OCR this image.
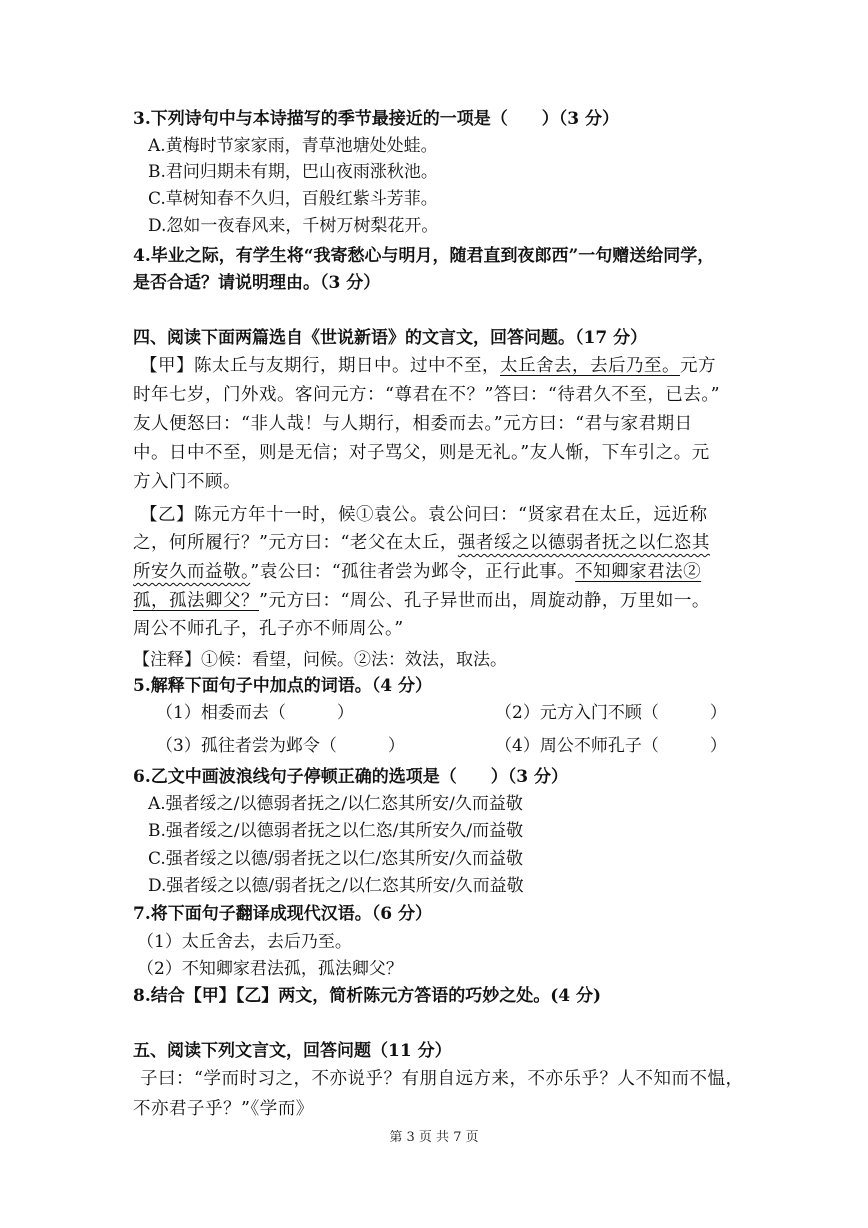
3.下列诗句中与本诗描写的季节最接近的一项是（　　）（3 分）
A.黄梅时节家家雨，青草池塘处处蛙。
B.君问归期未有期，巴山夜雨涨秋池。
C.草树知春不久归，百般红紫斗芳菲。
D.忽如一夜春风来，千树万树梨花开。
4.毕业之际，有学生将“我寄愁心与明月，随君直到夜郎西”一句赠送给同学，
是否合适？请说明理由。（3 分）
四、阅读下面两篇选自《世说新语》的文言文，回答问题。（17 分）
【甲】陈太丘与友期行，期日中。过中不至，太丘舍去，去后乃至。元方
时年七岁，门外戏。客问元方：“尊君在不？”答曰：“待君久不至，已去。”
友人便怒曰：“非人哉！与人期行，相委而去。”元方曰：“君与家君期日
中。日中不至，则是无信；对子骂父，则是无礼。”友人惭，下车引之。元
方入门不顾。
【乙】陈元方年十一时，候①袁公。袁公问曰：“贤家君在太丘，远近称
之，何所履行？”元方曰：“老父在太丘，强者绥之以德弱者抚之以仁恣其
所安久而益敬。”袁公曰：“孤往者尝为邺令，正行此事。不知卿家君法②
孤，孤法卿父？”元方曰：“周公、孔子异世而出，周旋动静，万里如一。
周公不师孔子，孔子亦不师周公。”
【注释】①候：看望，问候。②法：效法，取法。
5.解释下面句子中加点的词语。（4 分）
（1）相委而去（　　　）	（2）元方入门不顾（　　　）
（3）孤往者尝为邺令（　　　）	（4）周公不师孔子（　　　）
6.乙文中画波浪线句子停顿正确的选项是（　　）（3 分）
A.强者绥之/以德弱者抚之/以仁恣其所安/久而益敬
B.强者绥之/以德弱者抚之以仁恣/其所安久/而益敬
C.强者绥之以德/弱者抚之以仁/恣其所安/久而益敬
D.强者绥之以德/弱者抚之/以仁恣其所安/久而益敬
7.将下面句子翻译成现代汉语。（6 分）
（1）太丘舍去，去后乃至。
（2）不知卿家君法孤，孤法卿父？
8.结合【甲】【乙】两文，简析陈元方答语的巧妙之处。(4 分)
五、阅读下列文言文，回答问题（11 分）
子曰：“学而时习之，不亦说乎？有朋自远方来，不亦乐乎？人不知而不愠，
不亦君子乎？”《学而》
第 3 页 共 7 页
